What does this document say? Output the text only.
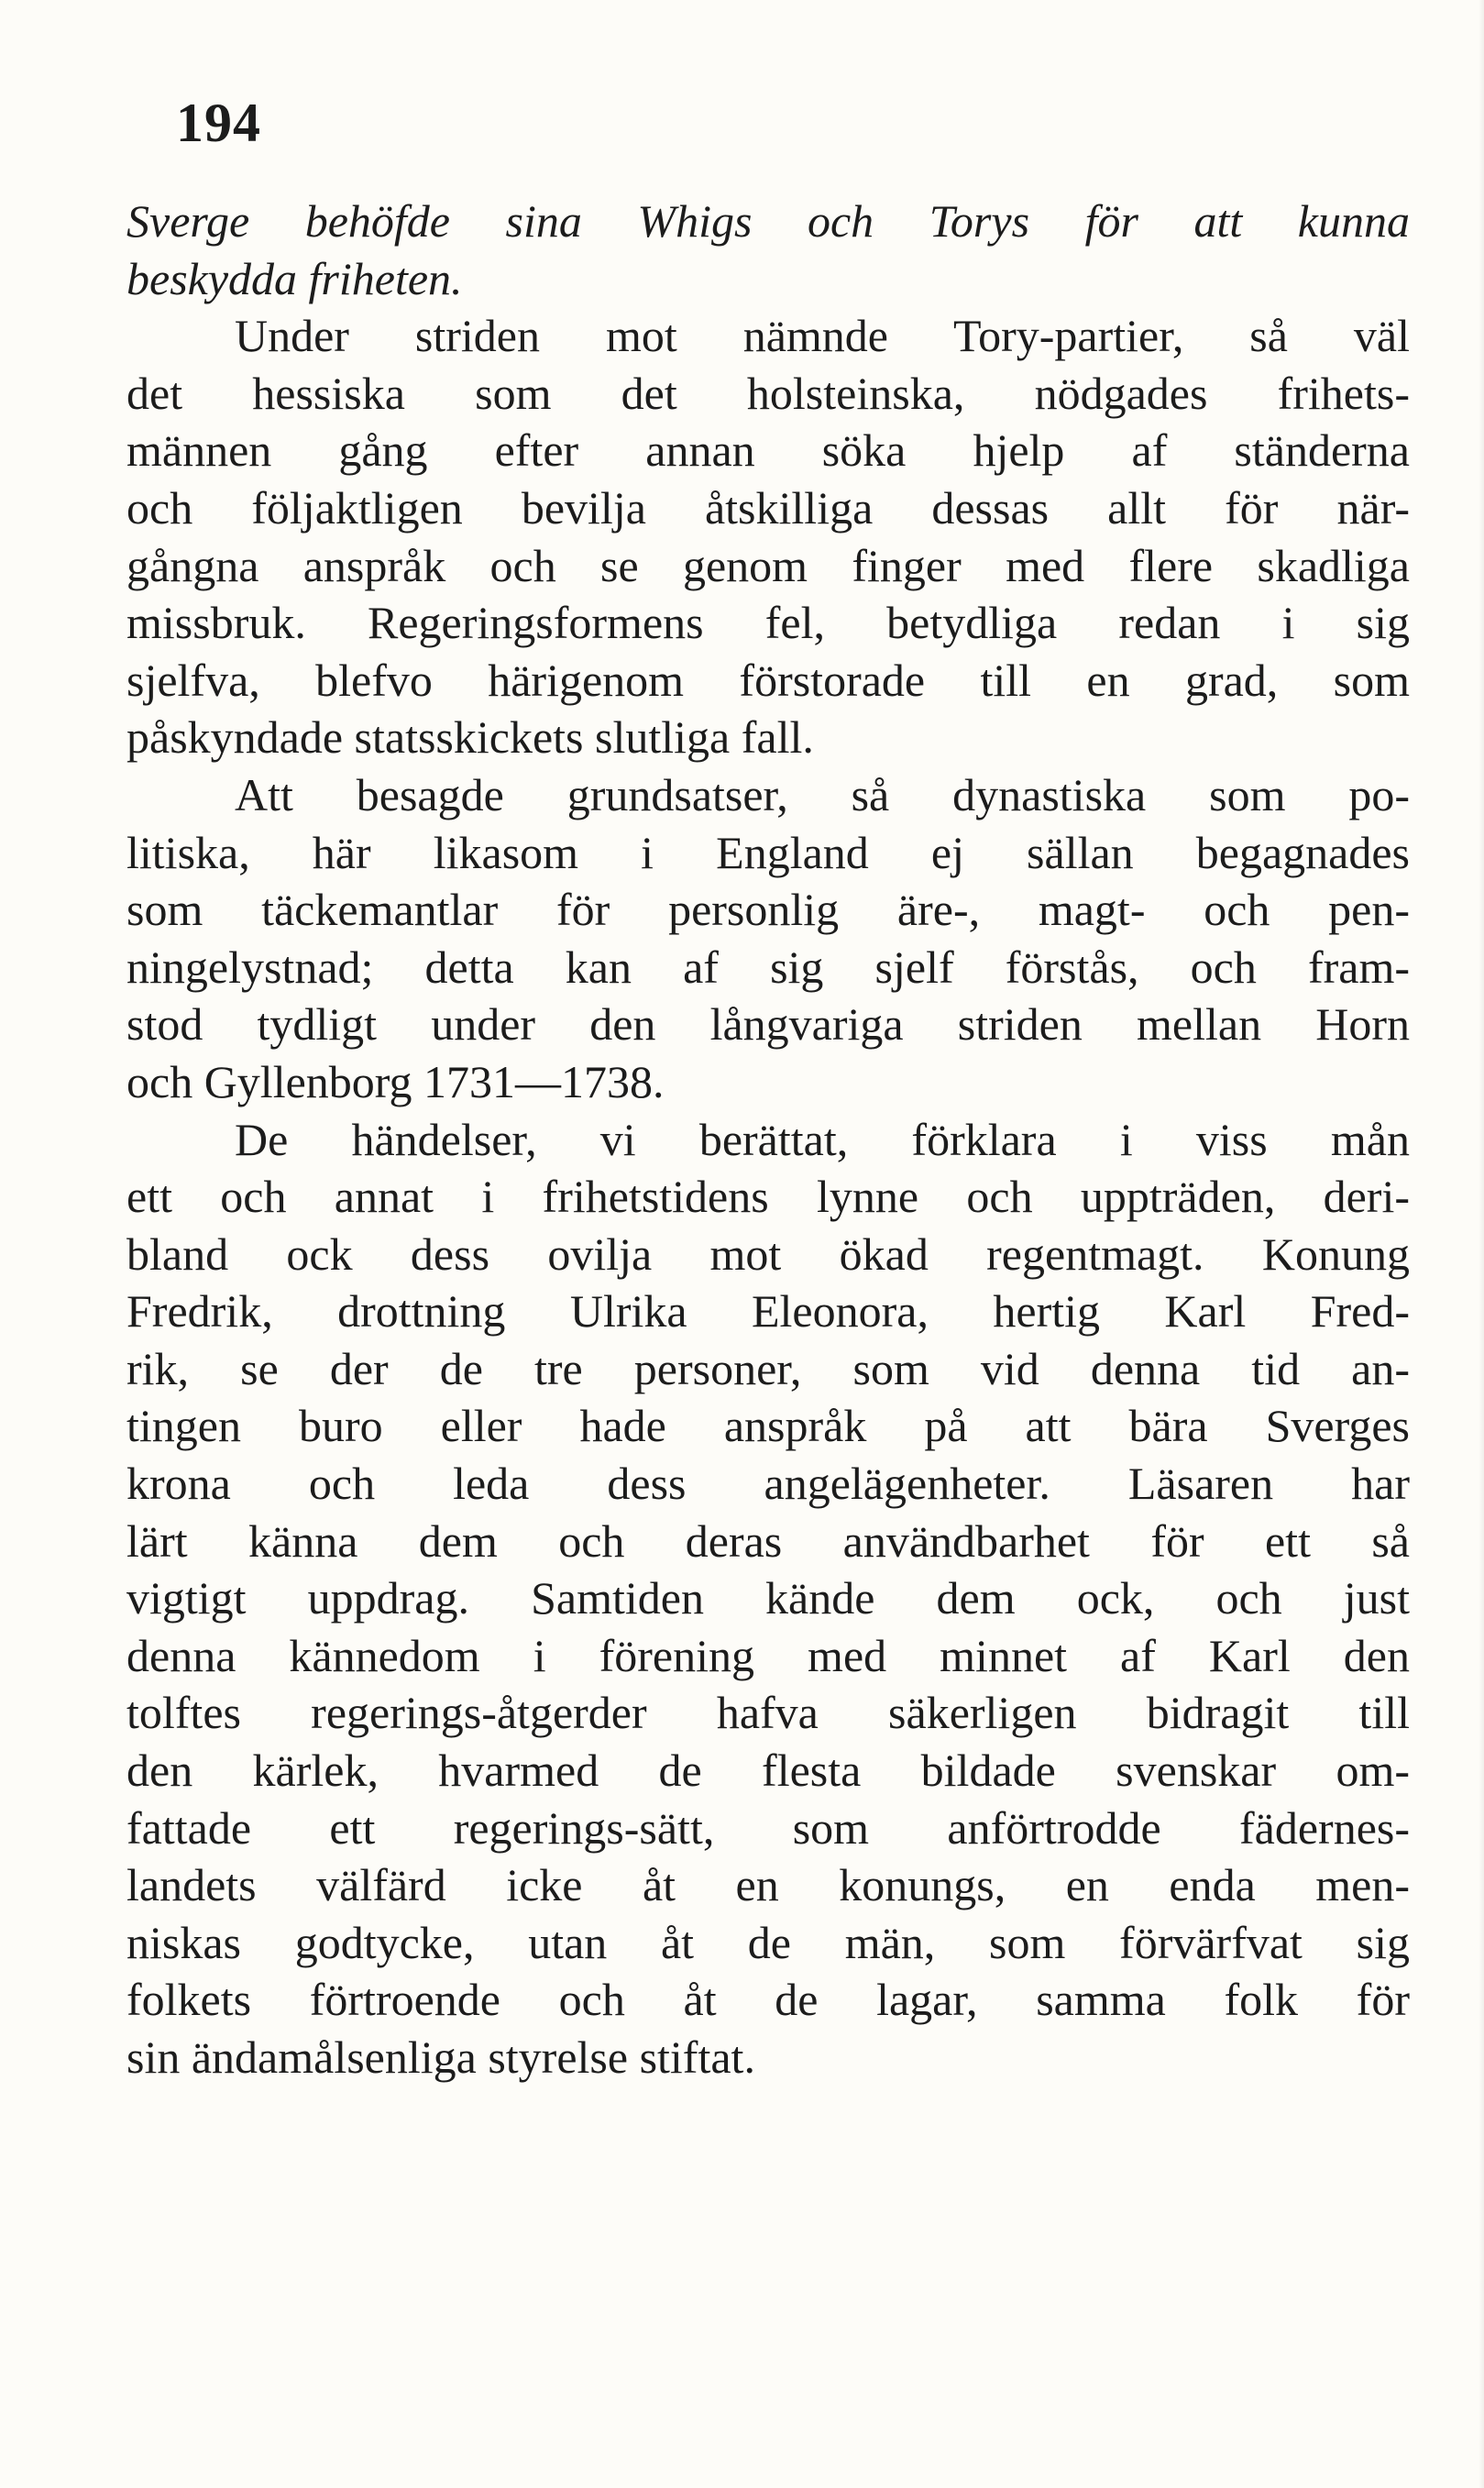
194
Sverge behöfde sina Whigs och Torys för att kunna
beskydda friheten.
Under striden mot nämnde Tory-partier, så väl
det hessiska som det holsteinska, nödgades frihets-
männen gång efter annan söka hjelp af ständerna
och följaktligen bevilja åtskilliga dessas allt för när-
gångna anspråk och se genom finger med flere skadliga
missbruk. Regeringsformens fel, betydliga redan i sig
sjelfva, blefvo härigenom förstorade till en grad, som
påskyndade statsskickets slutliga fall.
Att besagde grundsatser, så dynastiska som po-
litiska, här likasom i England ej sällan begagnades
som täckemantlar för personlig äre-, magt- och pen-
ningelystnad; detta kan af sig sjelf förstås, och fram-
stod tydligt under den långvariga striden mellan Horn
och Gyllenborg 1731—1738.
De händelser, vi berättat, förklara i viss mån
ett och annat i frihetstidens lynne och uppträden, deri-
bland ock dess ovilja mot ökad regentmagt. Konung
Fredrik, drottning Ulrika Eleonora, hertig Karl Fred-
rik, se der de tre personer, som vid denna tid an-
tingen buro eller hade anspråk på att bära Sverges
krona och leda dess angelägenheter. Läsaren har
lärt känna dem och deras användbarhet för ett så
vigtigt uppdrag. Samtiden kände dem ock, och just
denna kännedom i förening med minnet af Karl den
tolftes regerings-åtgerder hafva säkerligen bidragit till
den kärlek, hvarmed de flesta bildade svenskar om-
fattade ett regerings-sätt, som anförtrodde fädernes-
landets välfärd icke åt en konungs, en enda men-
niskas godtycke, utan åt de män, som förvärfvat sig
folkets förtroende och åt de lagar, samma folk för
sin ändamålsenliga styrelse stiftat.
